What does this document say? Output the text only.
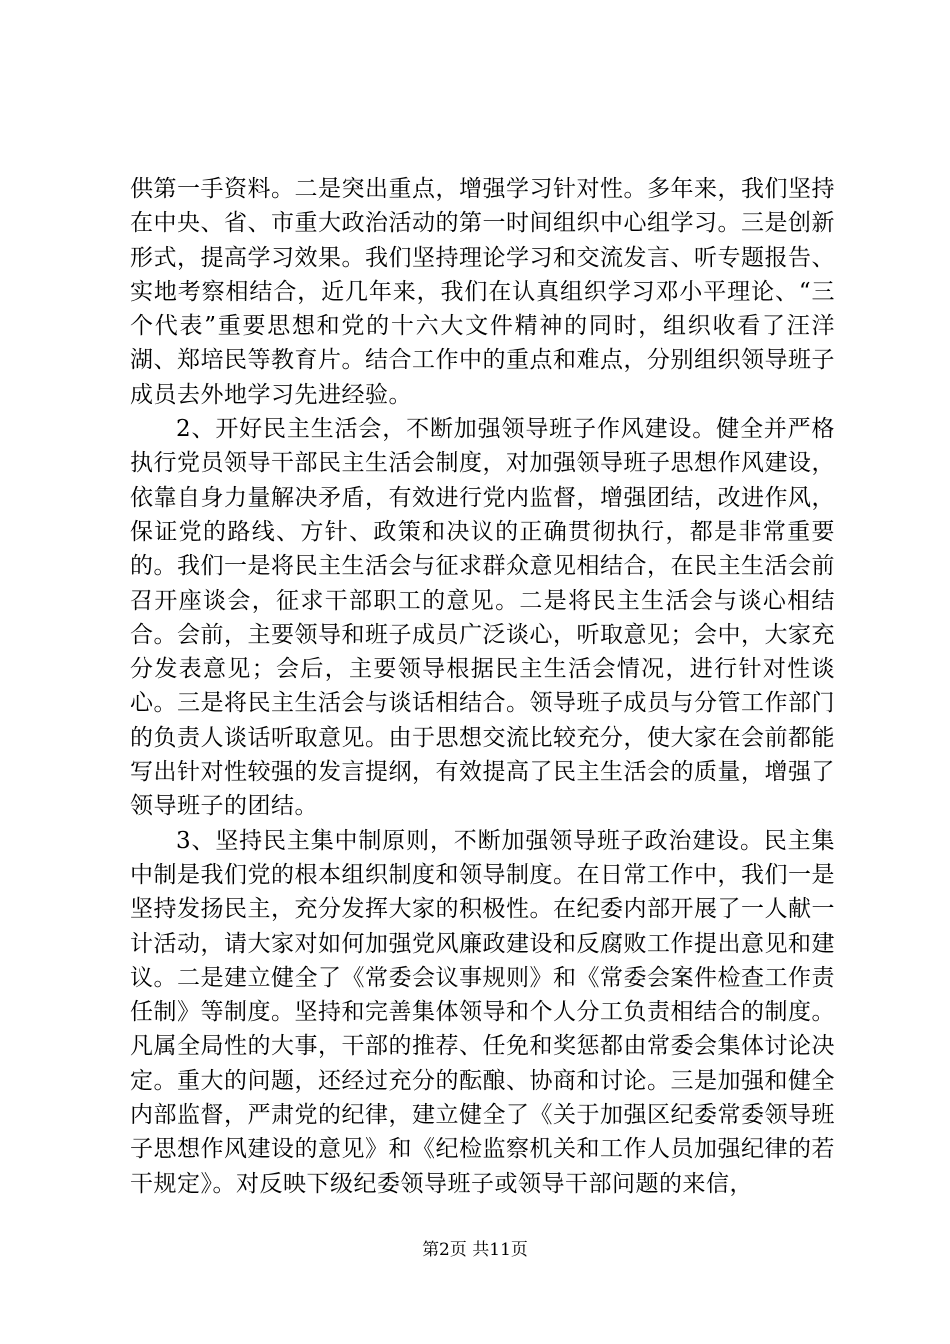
供第一手资料。二是突出重点，增强学习针对性。多年来，我们坚持在中央、省、市重大政治活动的第一时间组织中心组学习。三是创新形式，提高学习效果。我们坚持理论学习和交流发言、听专题报告、实地考察相结合，近几年来，我们在认真组织学习邓小平理论、“三个代表”重要思想和党的十六大文件精神的同时，组织收看了汪洋湖、郑培民等教育片。结合工作中的重点和难点，分别组织领导班子成员去外地学习先进经验。

2、开好民主生活会，不断加强领导班子作风建设。健全并严格执行党员领导干部民主生活会制度，对加强领导班子思想作风建设，依靠自身力量解决矛盾，有效进行党内监督，增强团结，改进作风，保证党的路线、方针、政策和决议的正确贯彻执行，都是非常重要的。我们一是将民主生活会与征求群众意见相结合，在民主生活会前召开座谈会，征求干部职工的意见。二是将民主生活会与谈心相结合。会前，主要领导和班子成员广泛谈心，听取意见；会中，大家充分发表意见；会后，主要领导根据民主生活会情况，进行针对性谈心。三是将民主生活会与谈话相结合。领导班子成员与分管工作部门的负责人谈话听取意见。由于思想交流比较充分，使大家在会前都能写出针对性较强的发言提纲，有效提高了民主生活会的质量，增强了领导班子的团结。

3、坚持民主集中制原则，不断加强领导班子政治建设。民主集中制是我们党的根本组织制度和领导制度。在日常工作中，我们一是坚持发扬民主，充分发挥大家的积极性。在纪委内部开展了一人献一计活动，请大家对如何加强党风廉政建设和反腐败工作提出意见和建议。二是建立健全了《常委会议事规则》和《常委会案件检查工作责任制》等制度。坚持和完善集体领导和个人分工负责相结合的制度。凡属全局性的大事，干部的推荐、任免和奖惩都由常委会集体讨论决定。重大的问题，还经过充分的酝酿、协商和讨论。三是加强和健全内部监督，严肃党的纪律，建立健全了《关于加强区纪委常委领导班子思想作风建设的意见》和《纪检监察机关和工作人员加强纪律的若干规定》。对反映下级纪委领导班子或领导干部问题的来信，

第2页 共11页
